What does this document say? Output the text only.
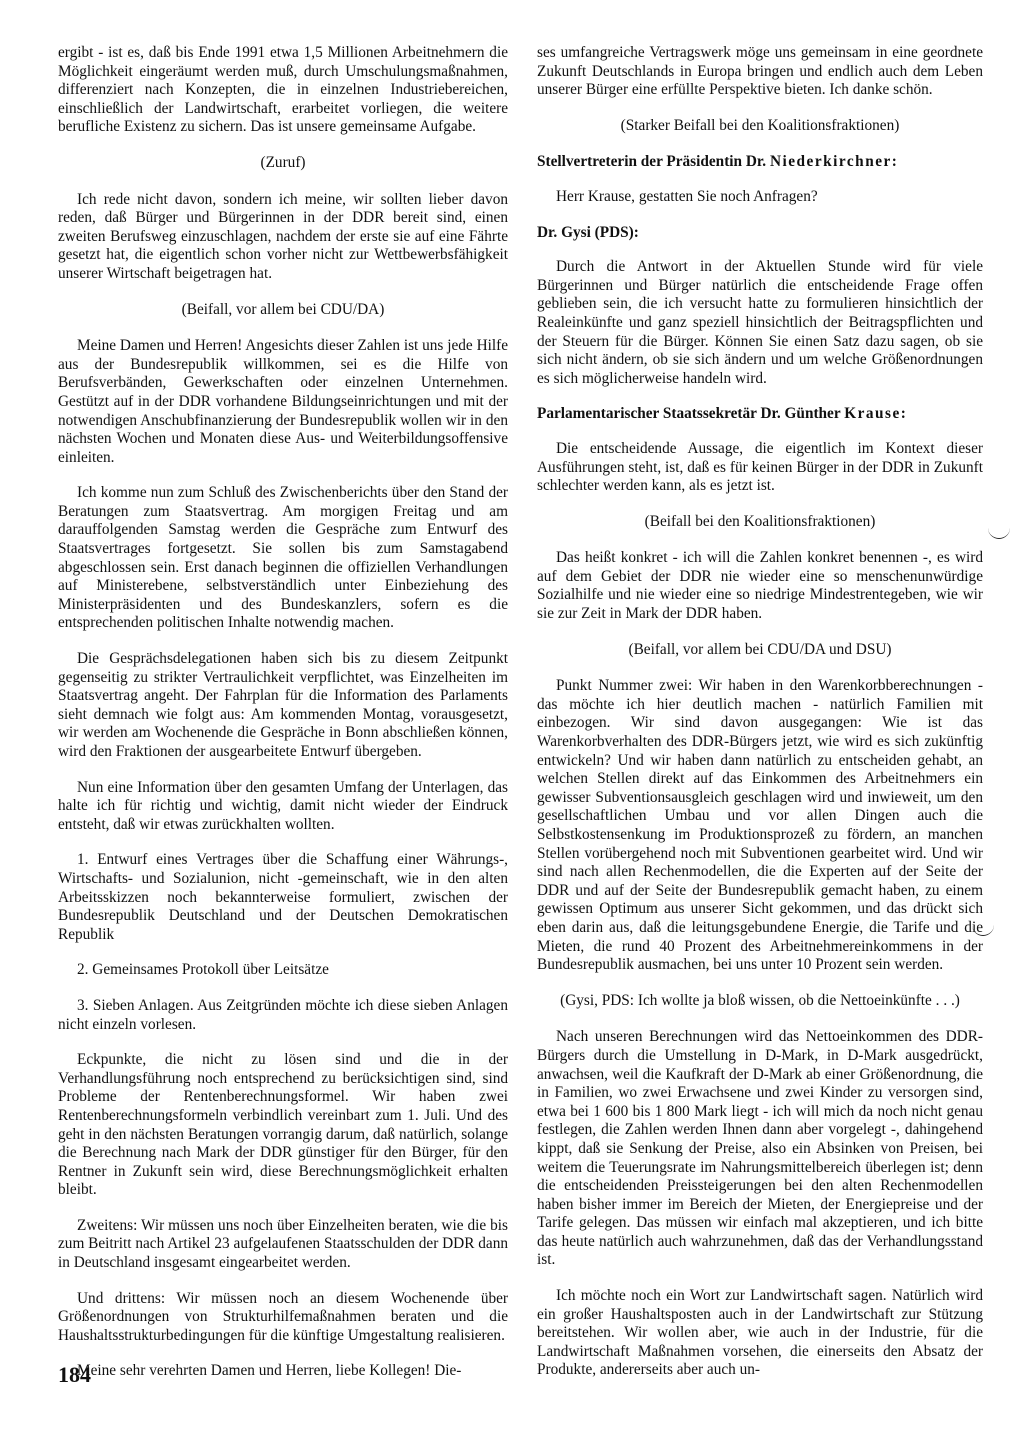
ergibt - ist es, daß bis Ende 1991 etwa 1,5 Millionen Arbeitnehmern die Möglichkeit eingeräumt werden muß, durch Umschulungsmaßnahmen, differenziert nach Konzepten, die in einzelnen Industriebereichen, einschließlich der Landwirtschaft, erarbeitet vorliegen, die weitere berufliche Existenz zu sichern. Das ist unsere gemeinsame Aufgabe.

(Zuruf)

Ich rede nicht davon, sondern ich meine, wir sollten lieber davon reden, daß Bürger und Bürgerinnen in der DDR bereit sind, einen zweiten Berufsweg einzuschlagen, nachdem der erste sie auf eine Fährte gesetzt hat, die eigentlich schon vorher nicht zur Wettbewerbsfähigkeit unserer Wirtschaft beigetragen hat.

(Beifall, vor allem bei CDU/DA)

Meine Damen und Herren! Angesichts dieser Zahlen ist uns jede Hilfe aus der Bundesrepublik willkommen, sei es die Hilfe von Berufsverbänden, Gewerkschaften oder einzelnen Unternehmen. Gestützt auf in der DDR vorhandene Bildungseinrichtungen und mit der notwendigen Anschubfinanzierung der Bundesrepublik wollen wir in den nächsten Wochen und Monaten diese Aus- und Weiterbildungsoffensive einleiten.

Ich komme nun zum Schluß des Zwischenberichts über den Stand der Beratungen zum Staatsvertrag. Am morgigen Freitag und am darauffolgenden Samstag werden die Gespräche zum Entwurf des Staatsvertrages fortgesetzt. Sie sollen bis zum Samstagabend abgeschlossen sein. Erst danach beginnen die offiziellen Verhandlungen auf Ministerebene, selbstverständlich unter Einbeziehung des Ministerpräsidenten und des Bundeskanzlers, sofern es die entsprechenden politischen Inhalte notwendig machen.

Die Gesprächsdelegationen haben sich bis zu diesem Zeitpunkt gegenseitig zu strikter Vertraulichkeit verpflichtet, was Einzelheiten im Staatsvertrag angeht. Der Fahrplan für die Information des Parlaments sieht demnach wie folgt aus: Am kommenden Montag, vorausgesetzt, wir werden am Wochenende die Gespräche in Bonn abschließen können, wird den Fraktionen der ausgearbeitete Entwurf übergeben.

Nun eine Information über den gesamten Umfang der Unterlagen, das halte ich für richtig und wichtig, damit nicht wieder der Eindruck entsteht, daß wir etwas zurückhalten wollten.

1. Entwurf eines Vertrages über die Schaffung einer Währungs-, Wirtschafts- und Sozialunion, nicht -gemeinschaft, wie in den alten Arbeitsskizzen noch bekannterweise formuliert, zwischen der Bundesrepublik Deutschland und der Deutschen Demokratischen Republik

2. Gemeinsames Protokoll über Leitsätze

3. Sieben Anlagen. Aus Zeitgründen möchte ich diese sieben Anlagen nicht einzeln vorlesen.

Eckpunkte, die nicht zu lösen sind und die in der Verhandlungsführung noch entsprechend zu berücksichtigen sind, sind Probleme der Rentenberechnungsformel. Wir haben zwei Rentenberechnungsformeln verbindlich vereinbart zum 1. Juli. Und des geht in den nächsten Beratungen vorrangig darum, daß natürlich, solange die Berechnung nach Mark der DDR günstiger für den Bürger, für den Rentner in Zukunft sein wird, diese Berechnungsmöglichkeit erhalten bleibt.

Zweitens: Wir müssen uns noch über Einzelheiten beraten, wie die bis zum Beitritt nach Artikel 23 aufgelaufenen Staatsschulden der DDR dann in Deutschland insgesamt eingearbeitet werden.

Und drittens: Wir müssen noch an diesem Wochenende über Größenordnungen von Strukturhilfemaßnahmen beraten und die Haushaltsstrukturbedingungen für die künftige Umgestaltung realisieren.

Meine sehr verehrten Damen und Herren, liebe Kollegen! Die-

ses umfangreiche Vertragswerk möge uns gemeinsam in eine geordnete Zukunft Deutschlands in Europa bringen und endlich auch dem Leben unserer Bürger eine erfüllte Perspektive bieten. Ich danke schön.

(Starker Beifall bei den Koalitionsfraktionen)

Stellvertreterin der Präsidentin Dr. Niederkirchner:

Herr Krause, gestatten Sie noch Anfragen?

Dr. Gysi (PDS):

Durch die Antwort in der Aktuellen Stunde wird für viele Bürgerinnen und Bürger natürlich die entscheidende Frage offen geblieben sein, die ich versucht hatte zu formulieren hinsichtlich der Realeinkünfte und ganz speziell hinsichtlich der Beitragspflichten und der Steuern für die Bürger. Können Sie einen Satz dazu sagen, ob sie sich nicht ändern, ob sie sich ändern und um welche Größenordnungen es sich möglicherweise handeln wird.

Parlamentarischer Staatssekretär Dr. Günther Krause:

Die entscheidende Aussage, die eigentlich im Kontext dieser Ausführungen steht, ist, daß es für keinen Bürger in der DDR in Zukunft schlechter werden kann, als es jetzt ist.

(Beifall bei den Koalitionsfraktionen)

Das heißt konkret - ich will die Zahlen konkret benennen -, es wird auf dem Gebiet der DDR nie wieder eine so menschenunwürdige Sozialhilfe und nie wieder eine so niedrige Mindestrentegeben, wie wir sie zur Zeit in Mark der DDR haben.

(Beifall, vor allem bei CDU/DA und DSU)

Punkt Nummer zwei: Wir haben in den Warenkorbberechnungen - das möchte ich hier deutlich machen - natürlich Familien mit einbezogen. Wir sind davon ausgegangen: Wie ist das Warenkorbverhalten des DDR-Bürgers jetzt, wie wird es sich zukünftig entwickeln? Und wir haben dann natürlich zu entscheiden gehabt, an welchen Stellen direkt auf das Einkommen des Arbeitnehmers ein gewisser Subventionsausgleich geschlagen wird und inwieweit, um den gesellschaftlichen Umbau und vor allen Dingen auch die Selbstkostensenkung im Produktionsprozeß zu fördern, an manchen Stellen vorübergehend noch mit Subventionen gearbeitet wird. Und wir sind nach allen Rechenmodellen, die die Experten auf der Seite der DDR und auf der Seite der Bundesrepublik gemacht haben, zu einem gewissen Optimum aus unserer Sicht gekommen, und das drückt sich eben darin aus, daß die leitungsgebundene Energie, die Tarife und die Mieten, die rund 40 Prozent des Arbeitnehmereinkommens in der Bundesrepublik ausmachen, bei uns unter 10 Prozent sein werden.

(Gysi, PDS: Ich wollte ja bloß wissen, ob die Nettoeinkünfte . . .)

Nach unseren Berechnungen wird das Nettoeinkommen des DDR-Bürgers durch die Umstellung in D-Mark, in D-Mark ausgedrückt, anwachsen, weil die Kaufkraft der D-Mark ab einer Größenordnung, die in Familien, wo zwei Erwachsene und zwei Kinder zu versorgen sind, etwa bei 1 600 bis 1 800 Mark liegt - ich will mich da noch nicht genau festlegen, die Zahlen werden Ihnen dann aber vorgelegt -, dahingehend kippt, daß sie Senkung der Preise, also ein Absinken von Preisen, bei weitem die Teuerungsrate im Nahrungsmittelbereich überlegen ist; denn die entscheidenden Preissteigerungen bei den alten Rechenmodellen haben bisher immer im Bereich der Mieten, der Energiepreise und der Tarife gelegen. Das müssen wir einfach mal akzeptieren, und ich bitte das heute natürlich auch wahrzunehmen, daß das der Verhandlungsstand ist.

Ich möchte noch ein Wort zur Landwirtschaft sagen. Natürlich wird ein großer Haushaltsposten auch in der Landwirtschaft zur Stützung bereitstehen. Wir wollen aber, wie auch in der Industrie, für die Landwirtschaft Maßnahmen vorsehen, die einerseits den Absatz der Produkte, andererseits aber auch un-

184
